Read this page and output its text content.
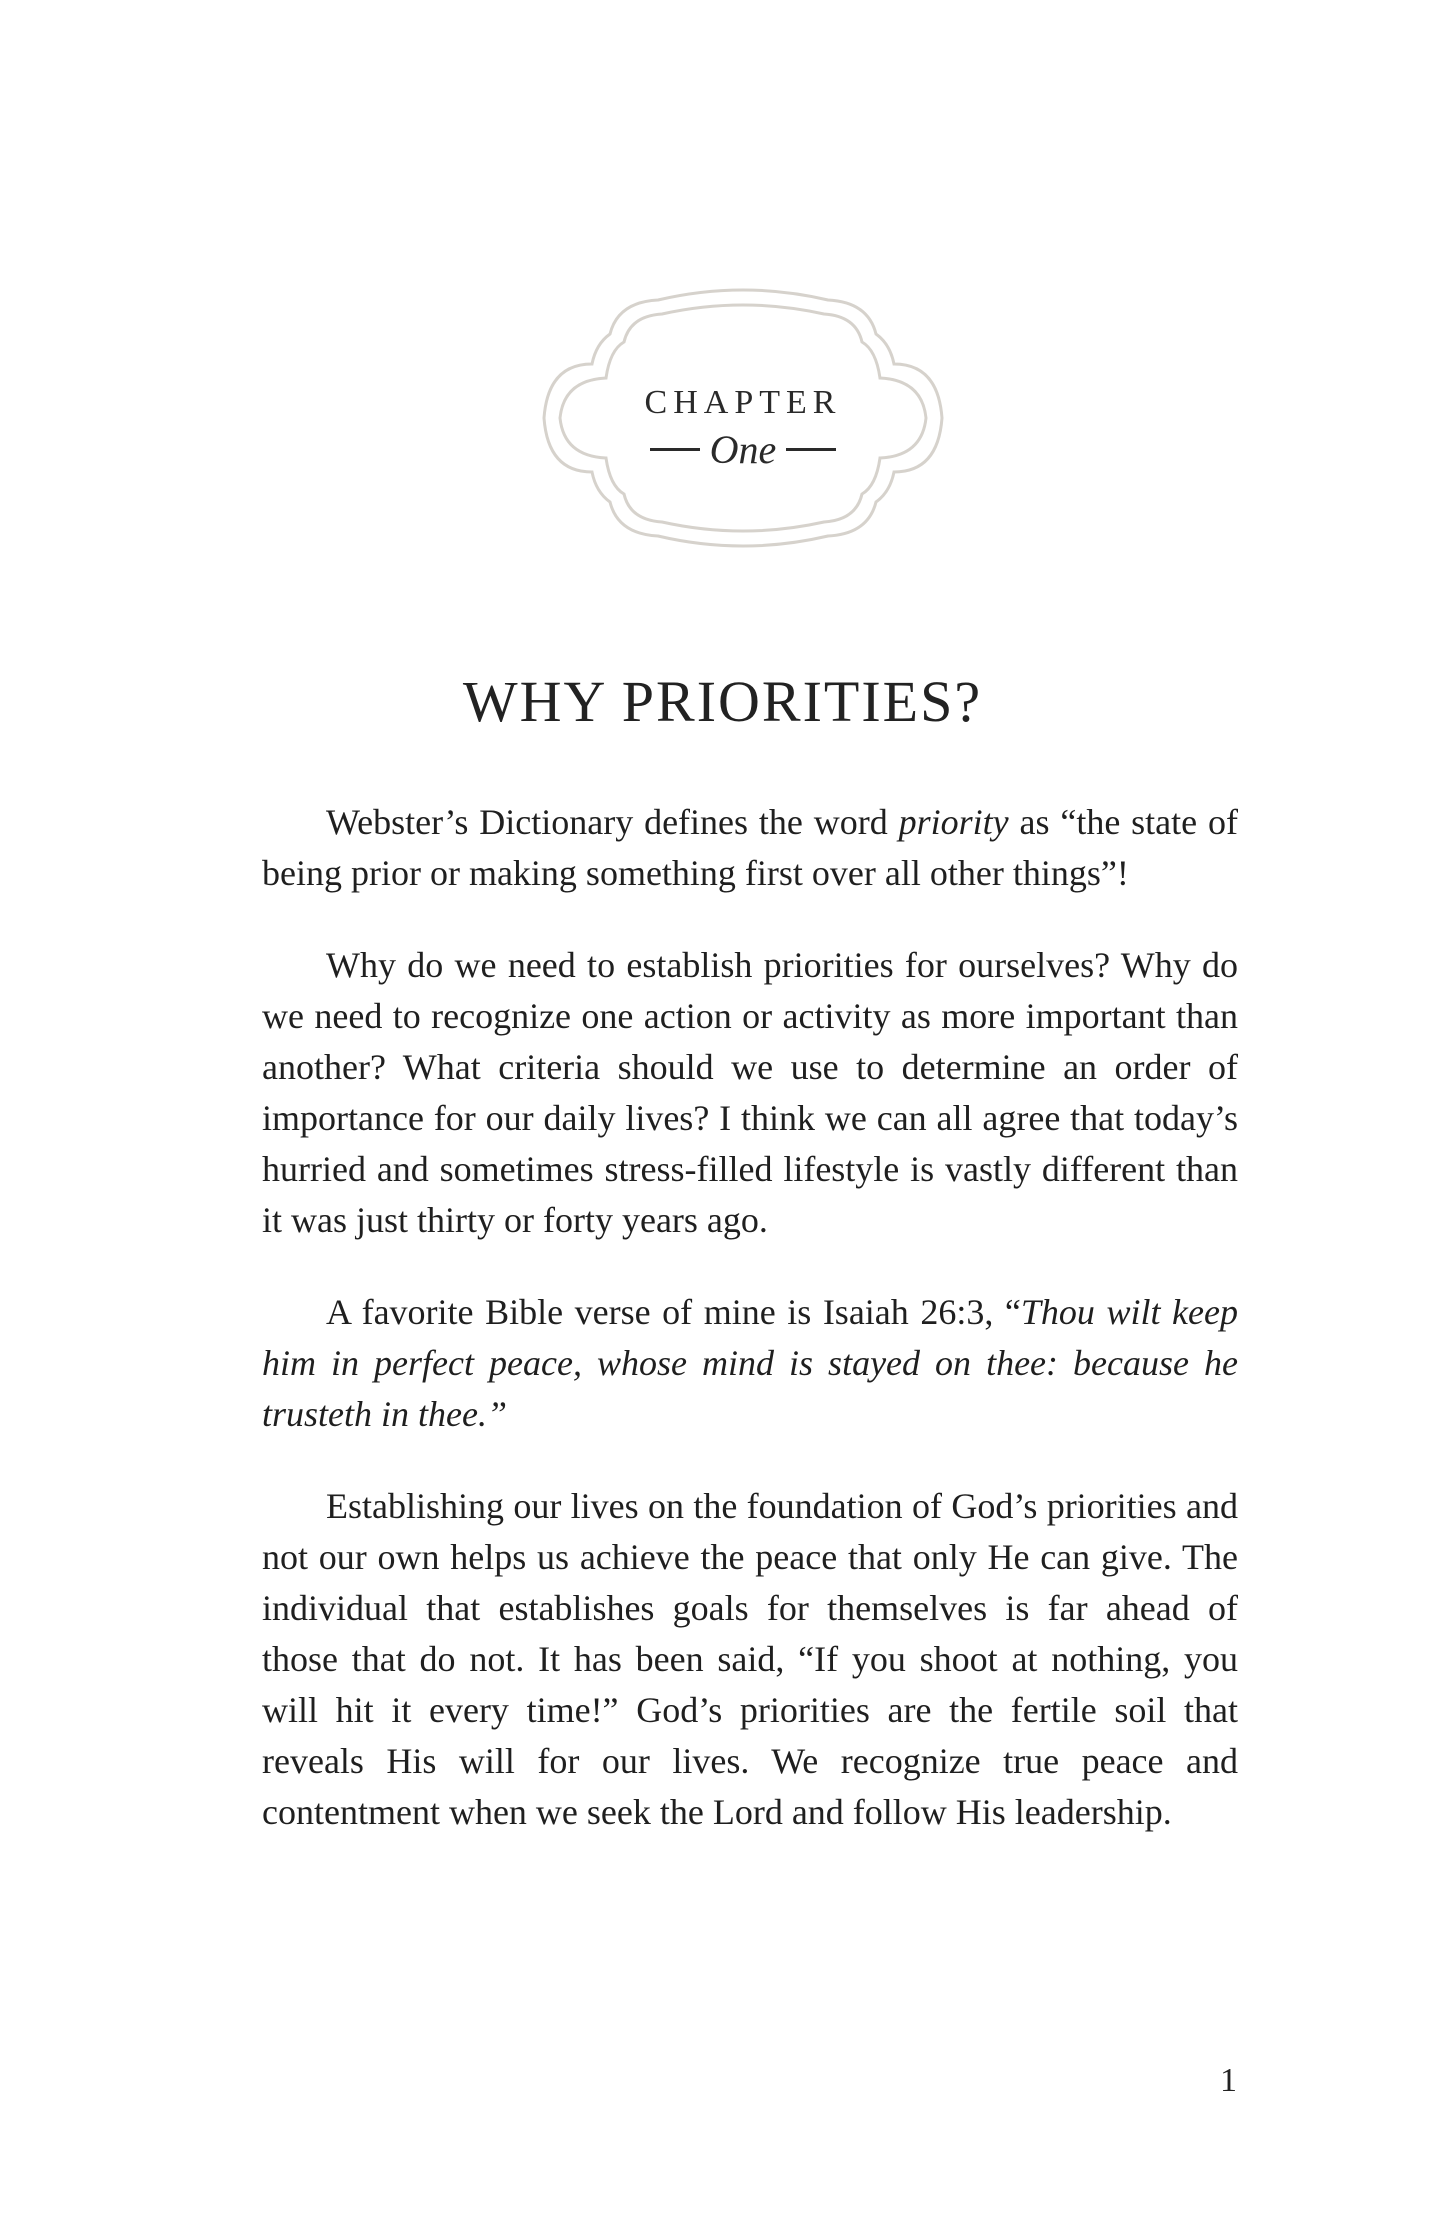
CHAPTER
One
WHY PRIORITIES?

Webster’s Dictionary defines the word priority as “the state of being prior or making something first over all other things”!

Why do we need to establish priorities for ourselves? Why do we need to recognize one action or activity as more important than another? What criteria should we use to determine an order of importance for our daily lives? I think we can all agree that today’s hurried and sometimes stress-filled lifestyle is vastly different than it was just thirty or forty years ago.

A favorite Bible verse of mine is Isaiah 26:3, “Thou wilt keep him in perfect peace, whose mind is stayed on thee: because he trusteth in thee.”

Establishing our lives on the foundation of God’s priorities and not our own helps us achieve the peace that only He can give. The individual that establishes goals for themselves is far ahead of those that do not. It has been said, “If you shoot at nothing, you will hit it every time!” God’s priorities are the fertile soil that reveals His will for our lives. We recognize true peace and contentment when we seek the Lord and follow His leadership.

1
